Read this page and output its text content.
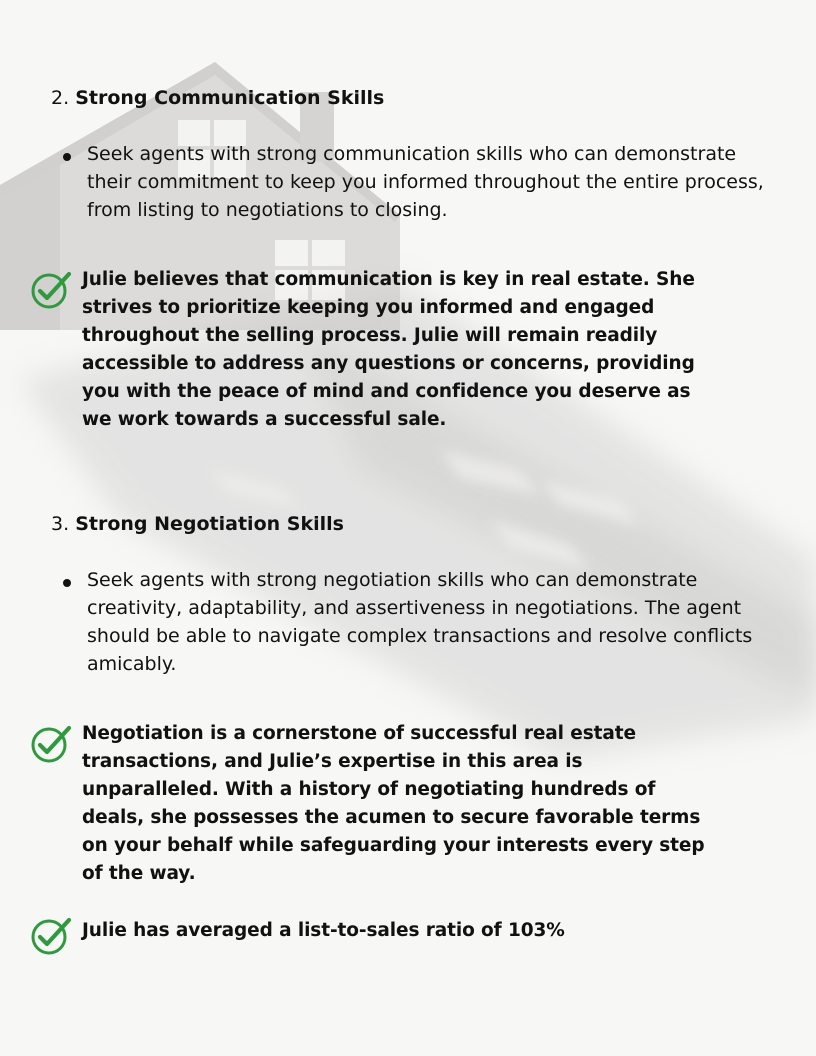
2. Strong Communication Skills
Seek agents with strong communication skills who can demonstrate their commitment to keep you informed throughout the entire process, from listing to negotiations to closing.
Julie believes that communication is key in real estate. She strives to prioritize keeping you informed and engaged throughout the selling process. Julie will remain readily accessible to address any questions or concerns, providing you with the peace of mind and confidence you deserve as we work towards a successful sale.
3. Strong Negotiation Skills
Seek agents with strong negotiation skills who can demonstrate creativity, adaptability, and assertiveness in negotiations. The agent should be able to navigate complex transactions and resolve conflicts amicably.
Negotiation is a cornerstone of successful real estate transactions, and Julie’s expertise in this area is unparalleled. With a history of negotiating hundreds of deals, she possesses the acumen to secure favorable terms on your behalf while safeguarding your interests every step of the way.
Julie has averaged a list-to-sales ratio of 103%
